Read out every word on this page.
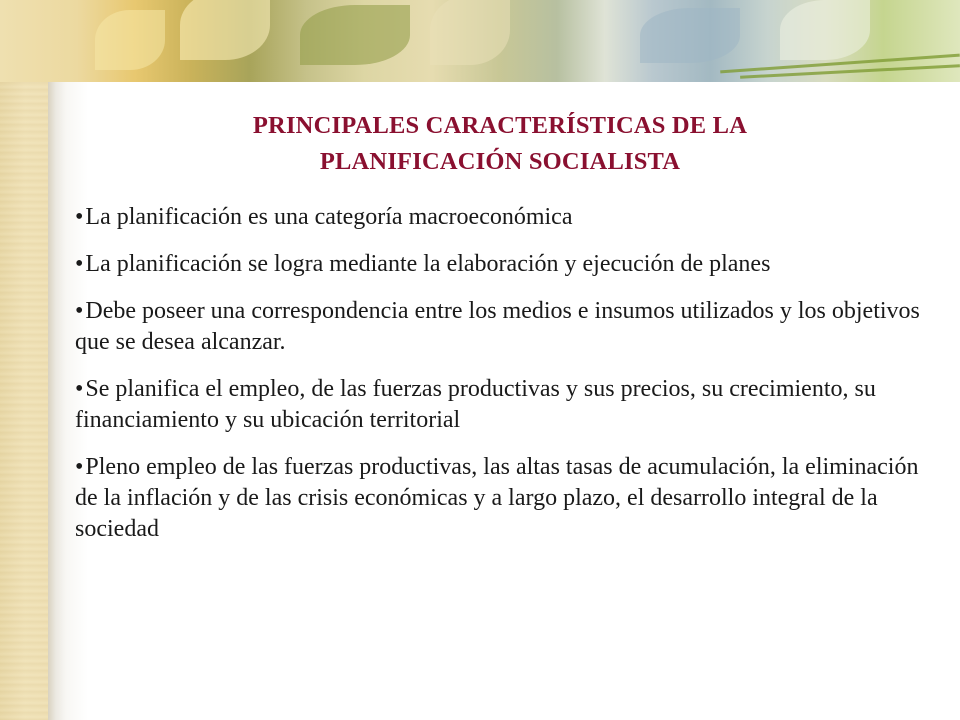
PRINCIPALES CARACTERÍSTICAS DE LA
PLANIFICACIÓN SOCIALISTA
•La planificación es una categoría macroeconómica
•La planificación se logra mediante la elaboración y ejecución de planes
•Debe poseer una correspondencia entre los medios e insumos utilizados y los objetivos que se desea alcanzar.
•Se planifica el empleo, de las fuerzas productivas y sus precios, su crecimiento, su financiamiento y su ubicación territorial
•Pleno empleo de las fuerzas productivas, las altas tasas de acumulación, la eliminación de la inflación y de las crisis económicas y a largo plazo, el desarrollo integral de la sociedad
